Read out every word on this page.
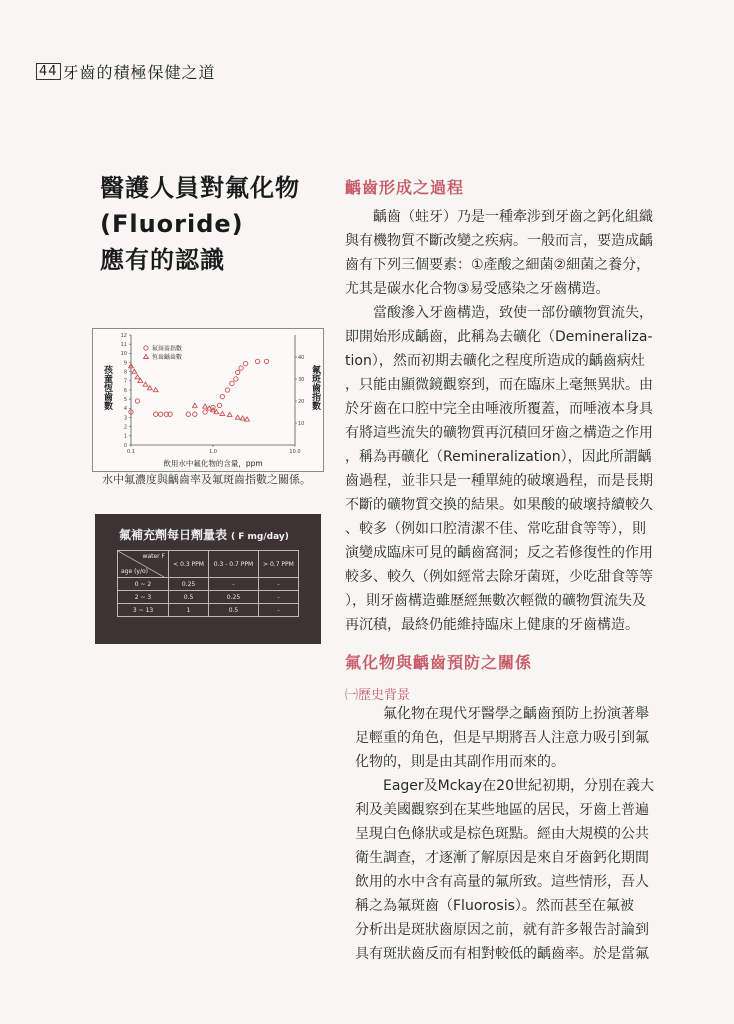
44 牙齒的積極保健之道
醫護人員對氟化物
(Fluoride)
應有的認識
氟斑齒指數
恆齒齲齒數
孩童恆齒數	氟斑齒指數
飲用水中氟化物的含量，ppm
0
1
2
3
4
5
6
7
8
9
10
11
12
10
20
30
40
0.1	1.0	10.0
水中氟濃度與齲齒率及氟斑齒指數之關係。
氟補充劑每日劑量表 ( F mg/day)
water F
age (y/o)	< 0.3 PPM	0.3 - 0.7 PPM	> 0.7 PPM
0 ~ 2	0.25	-	-
2 ~ 3	0.5	0.25	-
3 ~ 13	1	0.5	-
齲齒形成之過程

齲齒（蛀牙）乃是一種牽涉到牙齒之鈣化組織

與有機物質不斷改變之疾病。一般而言，要造成齲

齒有下列三個要素：①產酸之細菌②細菌之養分，

尤其是碳水化合物③易受感染之牙齒構造。

當酸滲入牙齒構造，致使一部份礦物質流失，

即開始形成齲齒，此稱為去礦化（Demineraliza-

tion），然而初期去礦化之程度所造成的齲齒病灶

，只能由顯微鏡觀察到，而在臨床上毫無異狀。由

於牙齒在口腔中完全由唾液所覆蓋，而唾液本身具

有將這些流失的礦物質再沉積回牙齒之構造之作用

，稱為再礦化（Remineralization），因此所謂齲

齒過程，並非只是一種單純的破壞過程，而是長期

不斷的礦物質交換的結果。如果酸的破壞持續較久

、較多（例如口腔清潔不佳、常吃甜食等等），則

演變成臨床可見的齲齒窩洞；反之若修復性的作用

較多、較久（例如經常去除牙菌斑，少吃甜食等等

），則牙齒構造雖歷經無數次輕微的礦物質流失及

再沉積，最終仍能維持臨床上健康的牙齒構造。

氟化物與齲齒預防之關係
㈠歷史背景

氟化物在現代牙醫學之齲齒預防上扮演著舉

足輕重的角色，但是早期將吾人注意力吸引到氟

化物的，則是由其副作用而來的。

Eager及Mckay在20世紀初期，分別在義大

利及美國觀察到在某些地區的居民，牙齒上普遍

呈現白色條狀或是棕色斑點。經由大規模的公共

衛生調查，才逐漸了解原因是來自牙齒鈣化期間

飲用的水中含有高量的氟所致。這些情形，吾人

稱之為氟斑齒（Fluorosis）。然而甚至在氟被

分析出是斑狀齒原因之前，就有許多報告討論到

具有斑狀齒反而有相對較低的齲齒率。於是當氟
